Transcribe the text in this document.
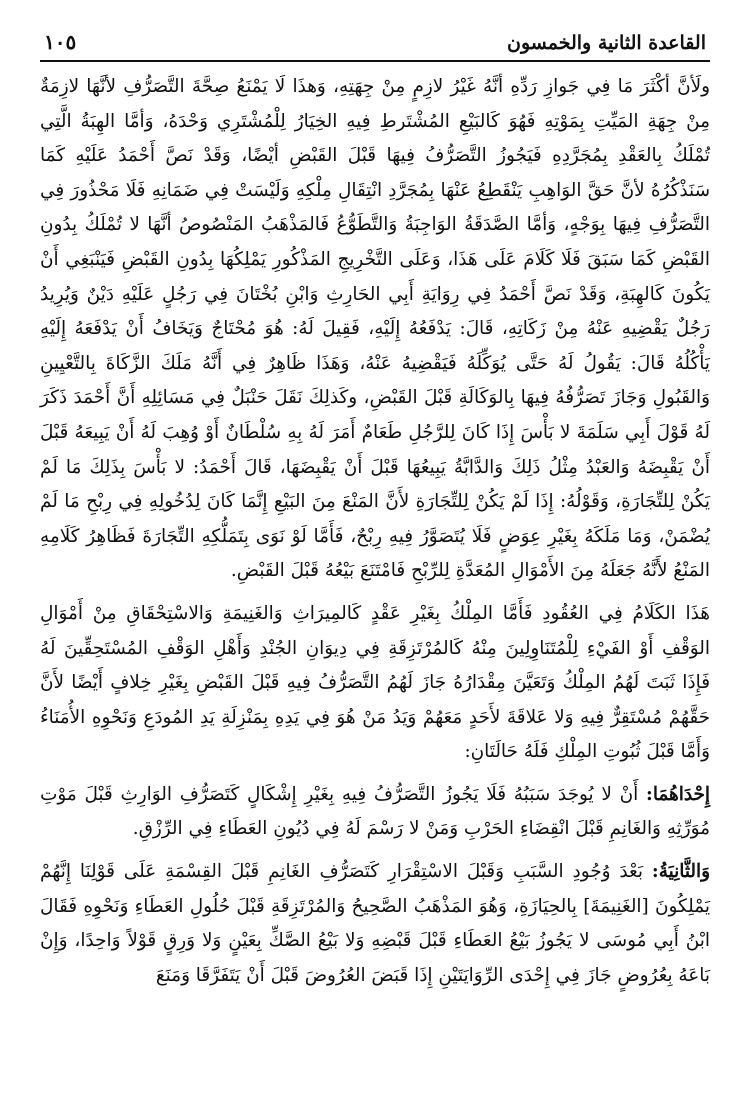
القاعدة الثانية والخمسون
١٠٥

ولَأنَّ أكْثَرَ مَا فِي جَوازِ رَدِّهِ أنَّهُ غَيْرُ لازِمٍ مِنْ جِهَتِهِ، وَهذَا لَا يَمْنَعُ صِحَّةَ التَّصَرُّفِ لأنَّهَا لازِمَةٌ مِنْ جِهَةِ المَيِّتِ بِمَوْتِهِ فَهُوَ كَالبَيْعِ المُشْتَرطِ فِيهِ الخِيَارُ لِلْمُشْتَرِي وَحْدَهُ، وَأمَّا الهِبَةُ الَّتِي تُمْلَكُ بِالعَقْدِ بِمُجَرَّدِهِ فَيَجُوزُ التَّصَرُّفُ فِيهَا قَبْلَ القَبْضِ أيْضًا، وَقَدْ نَصَّ أَحْمَدُ عَلَيْهِ كَمَا سَنَذْكُرُهُ لأنَّ حَقَّ الوَاهِبِ يَنْقَطِعُ عَنْهَا بِمُجَرَّدِ انْتِقَالِ مِلْكِهِ وَلَيْسَتْ فِي ضَمَانِهِ فَلَا مَحْذُورَ فِي التَّصَرُّفِ فِيهَا بِوَجْهٍ، وَأمَّا الصَّدَقَةُ الوَاجِبَةُ وَالتَّطَوُّعُ فَالمَذْهَبُ المَنْصُوصُ أنَّهَا لا تُمْلَكُ بِدُونِ القَبْضِ كَمَا سَبَقَ فَلَا كَلَامَ عَلَى هَذَا، وَعَلَى التَّخْرِيجِ المَذْكُورِ يَمْلِكُهَا بِدُونِ القَبْضِ فَيَنْبَغِي أَنْ يَكُونَ كَالهِبَةِ، وَقَدْ نَصَّ أَحْمَدُ فِي رِوَايَةِ أَبِي الحَارِثِ وَابْنِ بُخْتَانَ فِي رَجُلٍ عَلَيْهِ دَيْنٌ وَيُرِيدُ رَجُلٌ يَقْضِيهِ عَنْهُ مِنْ زَكَاتِهِ، قَالَ: يَدْفَعُهُ إِلَيْهِ، فَقِيلَ لَهُ: هُوَ مُحْتَاجٌ وَيَخَافُ أَنْ يَدْفَعَهُ إِلَيْهِ يَأْكُلُهُ قَالَ: يَقُولُ لَهُ حَتَّى يُوَكِّلَهُ فَيَقْضِيهُ عَنْهُ، وَهَذَا ظَاهِرٌ فِي أَنَّهُ مَلَكَ الزَّكَاةَ بِالتَّعْيِينِ وَالقَبُولِ وَجَازَ تَصَرُّفُهُ فِيهَا بِالوَكَالَةِ قَبْلَ القَبْضِ، وكَذلِكَ نَقَلَ حَنْبَلٌ فِي مَسَائِلِهِ أَنَّ أَحْمَدَ ذَكَرَ لَهُ قَوْلَ أَبِي سَلَمَةَ لا بَأْسَ إِذَا كَانَ لِلرَّجُلِ طَعَامٌ أَمَرَ لَهُ بِهِ سُلْطَانٌ أَوْ وُهِبَ لَهُ أَنْ يَبِيعَهُ قَبْلَ أَنْ يَقْبِضَهُ وَالعَبْدُ مِثْلُ ذَلِكَ وَالدَّابَّةُ يَبِيعُهَا قَبْلَ أَنْ يَقْبِضَهَا، قَالَ أَحْمَدُ: لا بَأْسَ بِذَلِكَ مَا لَمْ يَكُنْ لِلتِّجَارَةِ، وَقَوْلُهُ: إِذَا لَمْ يَكُنْ لِلتِّجَارَةِ لأَنَّ المَنْعَ مِنَ البَيْعِ إِنَّمَا كَانَ لِدُخُولِهِ فِي رِبْحِ مَا لَمْ يُضْمَنْ، وَمَا مَلَكَهُ بِغَيْرِ عِوَضٍ فَلَا يُتَصَوَّرُ فِيهِ رِبْحٌ، فَأَمَّا لَوْ نَوَى بِتَمَلُّكِهِ التِّجَارَةَ فَظَاهِرُ كَلَامِهِ المَنْعُ لأَنَّهُ جَعَلَهُ مِنَ الأَمْوَالِ المُعَدَّةِ لِلرِّبْحِ فَامْتَنَعَ بَيْعُهُ قَبْلَ القَبْضِ.

هَذَا الكَلَامُ فِي العُقُودِ فَأَمَّا المِلْكُ بِغَيْرِ عَقْدٍ كَالمِيرَاثِ وَالغَنِيمَةِ وَالاسْتِحْقَاقِ مِنْ أَمْوَالِ الوَقْفِ أَوْ الفَيْءِ لِلْمُتَنَاوِلِينَ مِنْهُ كَالمُرْتَزِقَةِ فِي دِيوَانِ الجُنْدِ وَأَهْلِ الوَقْفِ المُسْتَحِقِّينَ لَهُ فَإِذَا ثَبَتَ لَهُمُ المِلْكُ وَتَعَيَّنَ مِقْدَارُهُ جَازَ لَهُمُ التَّصَرُّفُ فِيهِ قَبْلَ القَبْضِ بِغَيْرِ خِلافٍ أَيْضًا لأَنَّ حَقَّهُمْ مُسْتَقِرٌّ فِيهِ وَلا عَلاقَةَ لأَحَدٍ مَعَهُمْ وَيَدُ مَنْ هُوَ فِي يَدِهِ بِمَنْزِلَةِ يَدِ المُودَعِ وَنَحْوِهِ الأُمَنَاءُ وَأَمَّا قَبْلَ ثُبُوتِ المِلْكِ فَلَهُ حَالَتَانِ:

إِحْدَاهُمَا: أَنْ لا يُوجَدَ سَبَبُهُ فَلَا يَجُوزُ التَّصَرُّفُ فِيهِ بِغَيْرِ إِشْكَالٍ كَتَصَرُّفِ الوَارِثِ قَبْلَ مَوْتِ مُوَرِّثِهِ وَالغَانِمِ قَبْلَ انْقِضَاءِ الحَرْبِ وَمَنْ لا رَسْمَ لَهُ فِي دُيُونِ العَطَاءِ فِي الرِّزْقِ.

وَالثَّانِيَةُ: بَعْدَ وُجُودِ السَّبَبِ وَقَبْلَ الاسْتِقْرَارِ كَتَصَرُّفِ الغَانِمِ قَبْلَ القِسْمَةِ عَلَى قَوْلِنَا إِنَّهُمْ يَمْلِكُونَ [الغَنِيمَةَ] بِالحِيَازَةِ، وَهُوَ المَذْهَبُ الصَّحِيحُ وَالمُرْتَزِقَةِ قَبْلَ حُلُولِ العَطَاءِ وَنَحْوِهِ فَقَالَ ابْنُ أَبِي مُوسَى لا يَجُوزُ بَيْعُ العَطَاءِ قَبْلَ قَبْضِهِ وَلا بَيْعُ الصَّكِّ بِعَيْنٍ وَلا وَرِقٍ قَوْلاً وَاحِدًا، وَإِنْ بَاعَهُ بِعُرُوضٍ جَازَ فِي إِحْدَى الرِّوَايَتَيْنِ إِذَا قَبَضَ العُرُوضَ قَبْلَ أَنْ يَتَفَرَّقَا وَمَنَعَ
